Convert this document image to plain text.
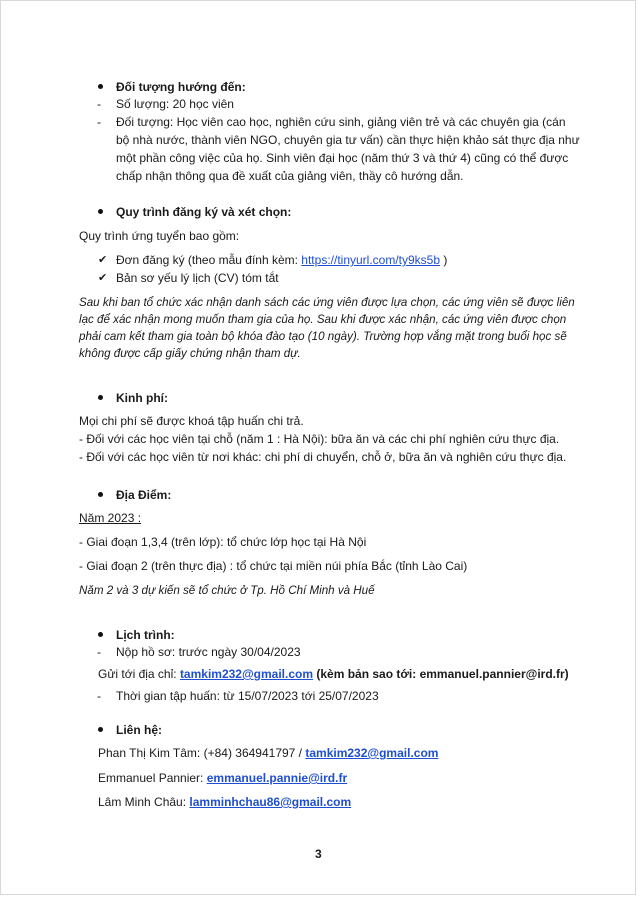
Đối tượng hướng đến:
- Số lượng: 20 học viên
- Đối tượng: Học viên cao học, nghiên cứu sinh, giảng viên trẻ và các chuyên gia (cán
bộ nhà nước, thành viên NGO, chuyên gia tư vấn) cần thực hiện khảo sát thực địa như
một phần công việc của họ. Sinh viên đại học (năm thứ 3 và thứ 4) cũng có thể được
chấp nhận thông qua đề xuất của giảng viên, thầy cô hướng dẫn.
Quy trình đăng ký và xét chọn:
Quy trình ứng tuyển bao gồm:
✔ Đơn đăng ký (theo mẫu đính kèm: https://tinyurl.com/ty9ks5b )
✔ Bản sơ yếu lý lịch (CV) tóm tắt
Sau khi ban tổ chức xác nhận danh sách các ứng viên được lựa chọn, các ứng viên sẽ được liên
lạc để xác nhận mong muốn tham gia của họ. Sau khi được xác nhận, các ứng viên được chọn
phải cam kết tham gia toàn bộ khóa đào tạo (10 ngày). Trường hợp vắng mặt trong buổi học sẽ
không được cấp giấy chứng nhận tham dự.
Kinh phí:
Mọi chi phí sẽ được khoá tập huấn chi trả.
- Đối với các học viên tại chỗ (năm 1 : Hà Nội): bữa ăn và các chi phí nghiên cứu thực địa.
- Đối với các học viên từ nơi khác: chi phí di chuyển, chỗ ở, bữa ăn và nghiên cứu thực địa.
Địa Điểm:
Năm 2023 :
- Giai đoạn 1,3,4 (trên lớp): tổ chức lớp học tại Hà Nội
- Giai đoạn 2 (trên thực địa) : tổ chức tại miền núi phía Bắc (tỉnh Lào Cai)
Năm 2 và 3 dự kiến sẽ tổ chức ở Tp. Hồ Chí Minh và Huế
Lịch trình:
- Nộp hồ sơ: trước ngày 30/04/2023
Gửi tới địa chỉ: tamkim232@gmail.com (kèm bản sao tới: emmanuel.pannier@ird.fr)
- Thời gian tập huấn: từ 15/07/2023 tới 25/07/2023
Liên hệ:
Phan Thị Kim Tâm: (+84) 364941797 / tamkim232@gmail.com
Emmanuel Pannier: emmanuel.pannie@ird.fr
Lâm Minh Châu: lamminhchau86@gmail.com
3
